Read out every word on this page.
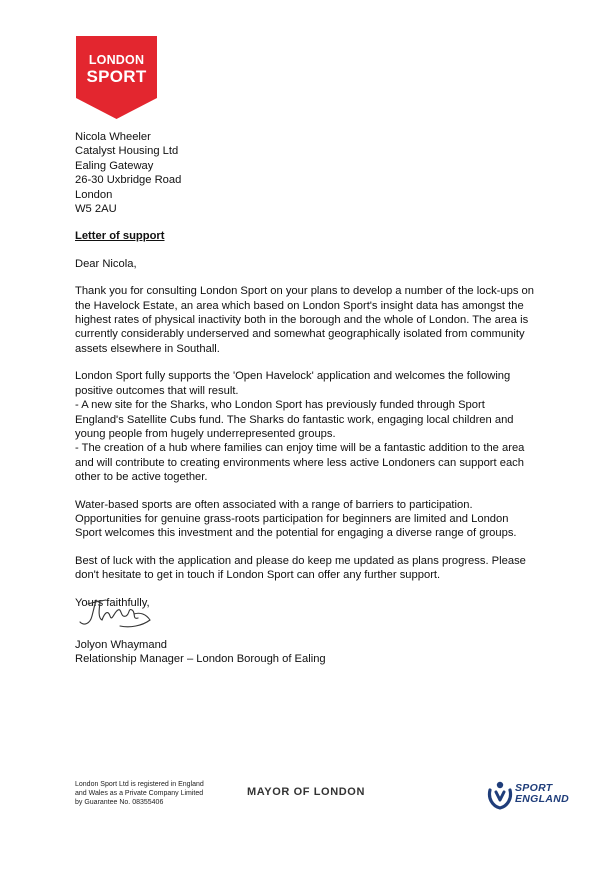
LONDON
SPORT
Nicola Wheeler
Catalyst Housing Ltd
Ealing Gateway
26-30 Uxbridge Road
London
W5 2AU
Letter of support
Dear Nicola,
Thank you for consulting London Sport on your plans to develop a number of the lock-ups on
the Havelock Estate, an area which based on London Sport's insight data has amongst the
highest rates of physical inactivity both in the borough and the whole of London. The area is
currently considerably underserved and somewhat geographically isolated from community
assets elsewhere in Southall.
London Sport fully supports the 'Open Havelock' application and welcomes the following
positive outcomes that will result.
- A new site for the Sharks, who London Sport has previously funded through Sport
England's Satellite Cubs fund. The Sharks do fantastic work, engaging local children and
young people from hugely underrepresented groups.
- The creation of a hub where families can enjoy time will be a fantastic addition to the area
and will contribute to creating environments where less active Londoners can support each
other to be active together.
Water-based sports are often associated with a range of barriers to participation.
Opportunities for genuine grass-roots participation for beginners are limited and London
Sport welcomes this investment and the potential for engaging a diverse range of groups.
Best of luck with the application and please do keep me updated as plans progress. Please
don't hesitate to get in touch if London Sport can offer any further support.
Yours faithfully,
Jolyon Whaymand
Relationship Manager – London Borough of Ealing
London Sport Ltd is registered in England
and Wales as a Private Company Limited
by Guarantee No. 08355406
MAYOR OF LONDON	SPORT
ENGLAND
